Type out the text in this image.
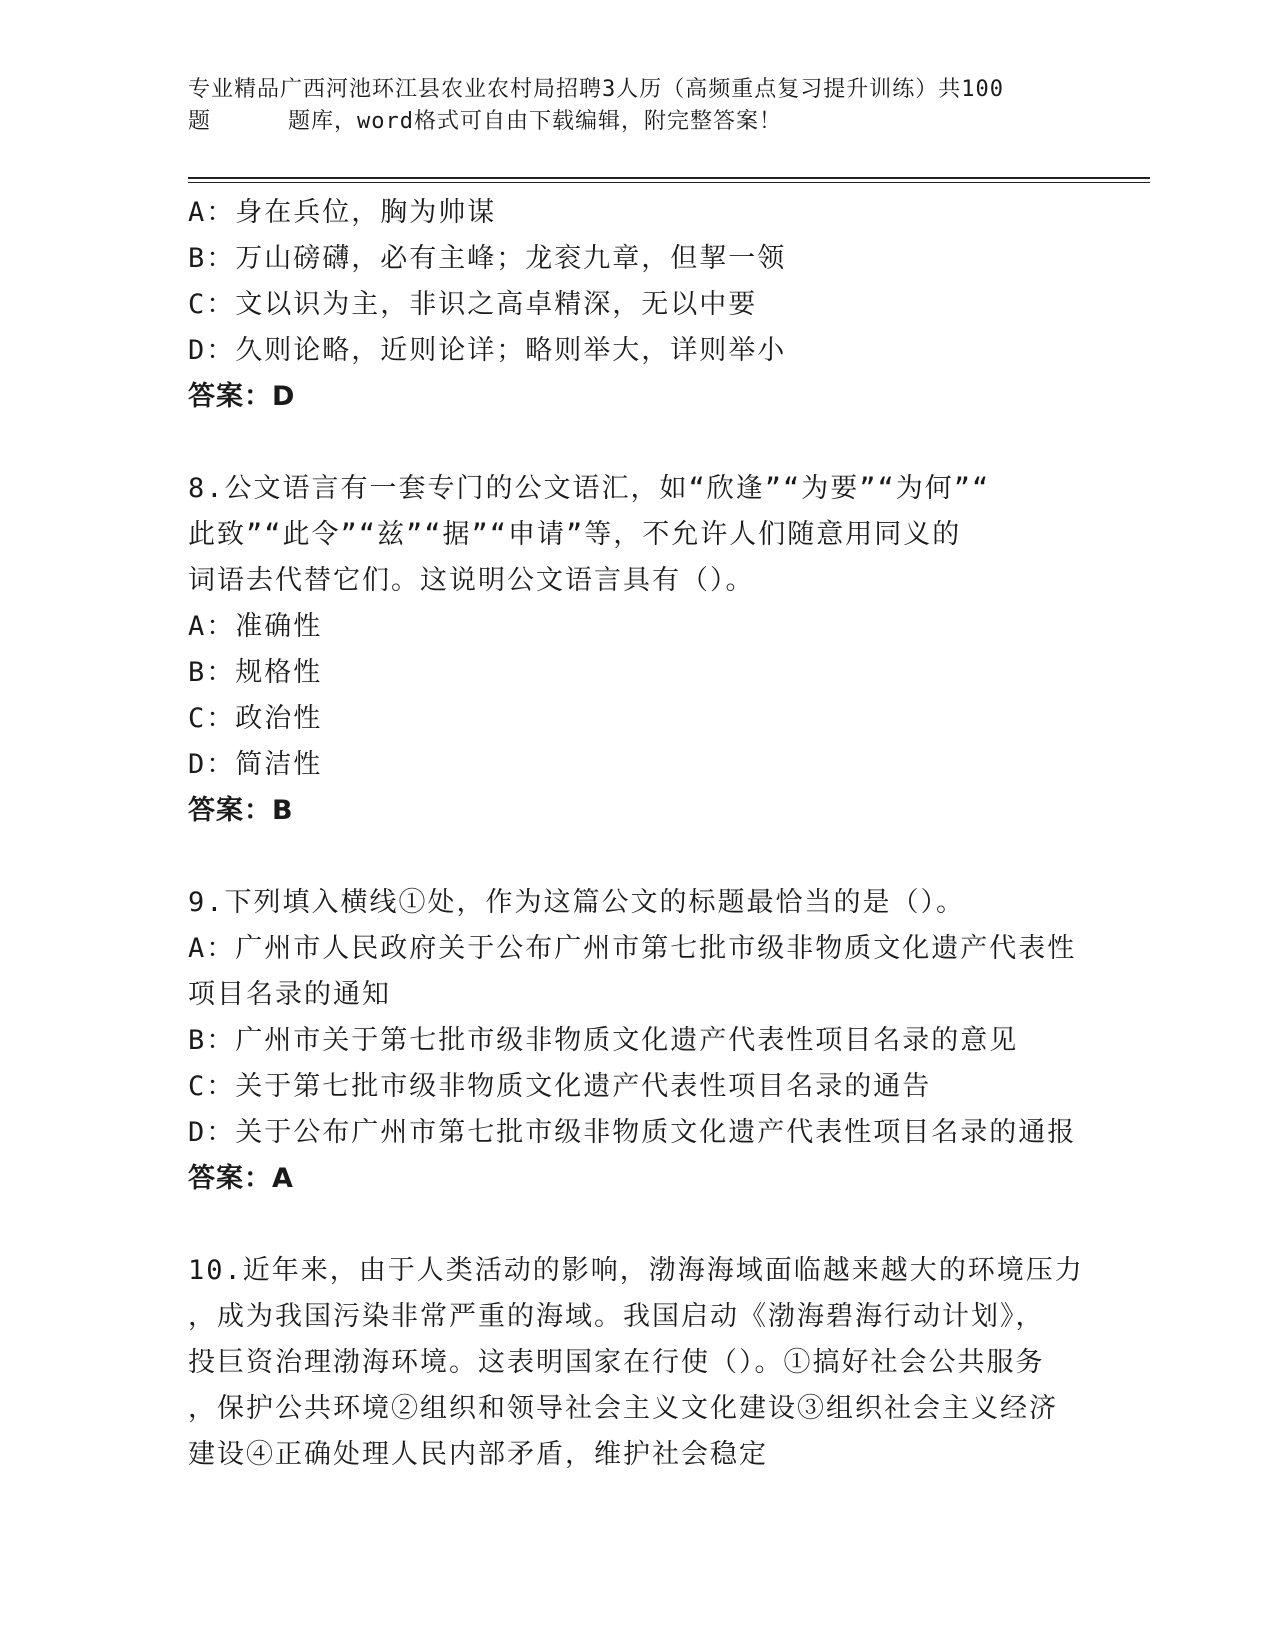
专业精品广西河池环江县农业农村局招聘3人历（高频重点复习提升训练）共100
题	题库，word格式可自由下载编辑，附完整答案！
A：身在兵位，胸为帅谋
B：万山磅礴，必有主峰；龙衮九章，但挈一领
C：文以识为主，非识之高卓精深，无以中要
D：久则论略，近则论详；略则举大，详则举小
答案：D
8.公文语言有一套专门的公文语汇，如“欣逢”“为要”“为何”“
此致”“此令”“兹”“据”“申请”等，不允许人们随意用同义的
词语去代替它们。这说明公文语言具有（）。
A：准确性
B：规格性
C：政治性
D：简洁性
答案：B
9.下列填入横线①处，作为这篇公文的标题最恰当的是（）。
A：广州市人民政府关于公布广州市第七批市级非物质文化遗产代表性
项目名录的通知
B：广州市关于第七批市级非物质文化遗产代表性项目名录的意见
C：关于第七批市级非物质文化遗产代表性项目名录的通告
D：关于公布广州市第七批市级非物质文化遗产代表性项目名录的通报
答案：A
10.近年来，由于人类活动的影响，渤海海域面临越来越大的环境压力
，成为我国污染非常严重的海域。我国启动《渤海碧海行动计划》，
投巨资治理渤海环境。这表明国家在行使（）。①搞好社会公共服务
，保护公共环境②组织和领导社会主义文化建设③组织社会主义经济
建设④正确处理人民内部矛盾，维护社会稳定
